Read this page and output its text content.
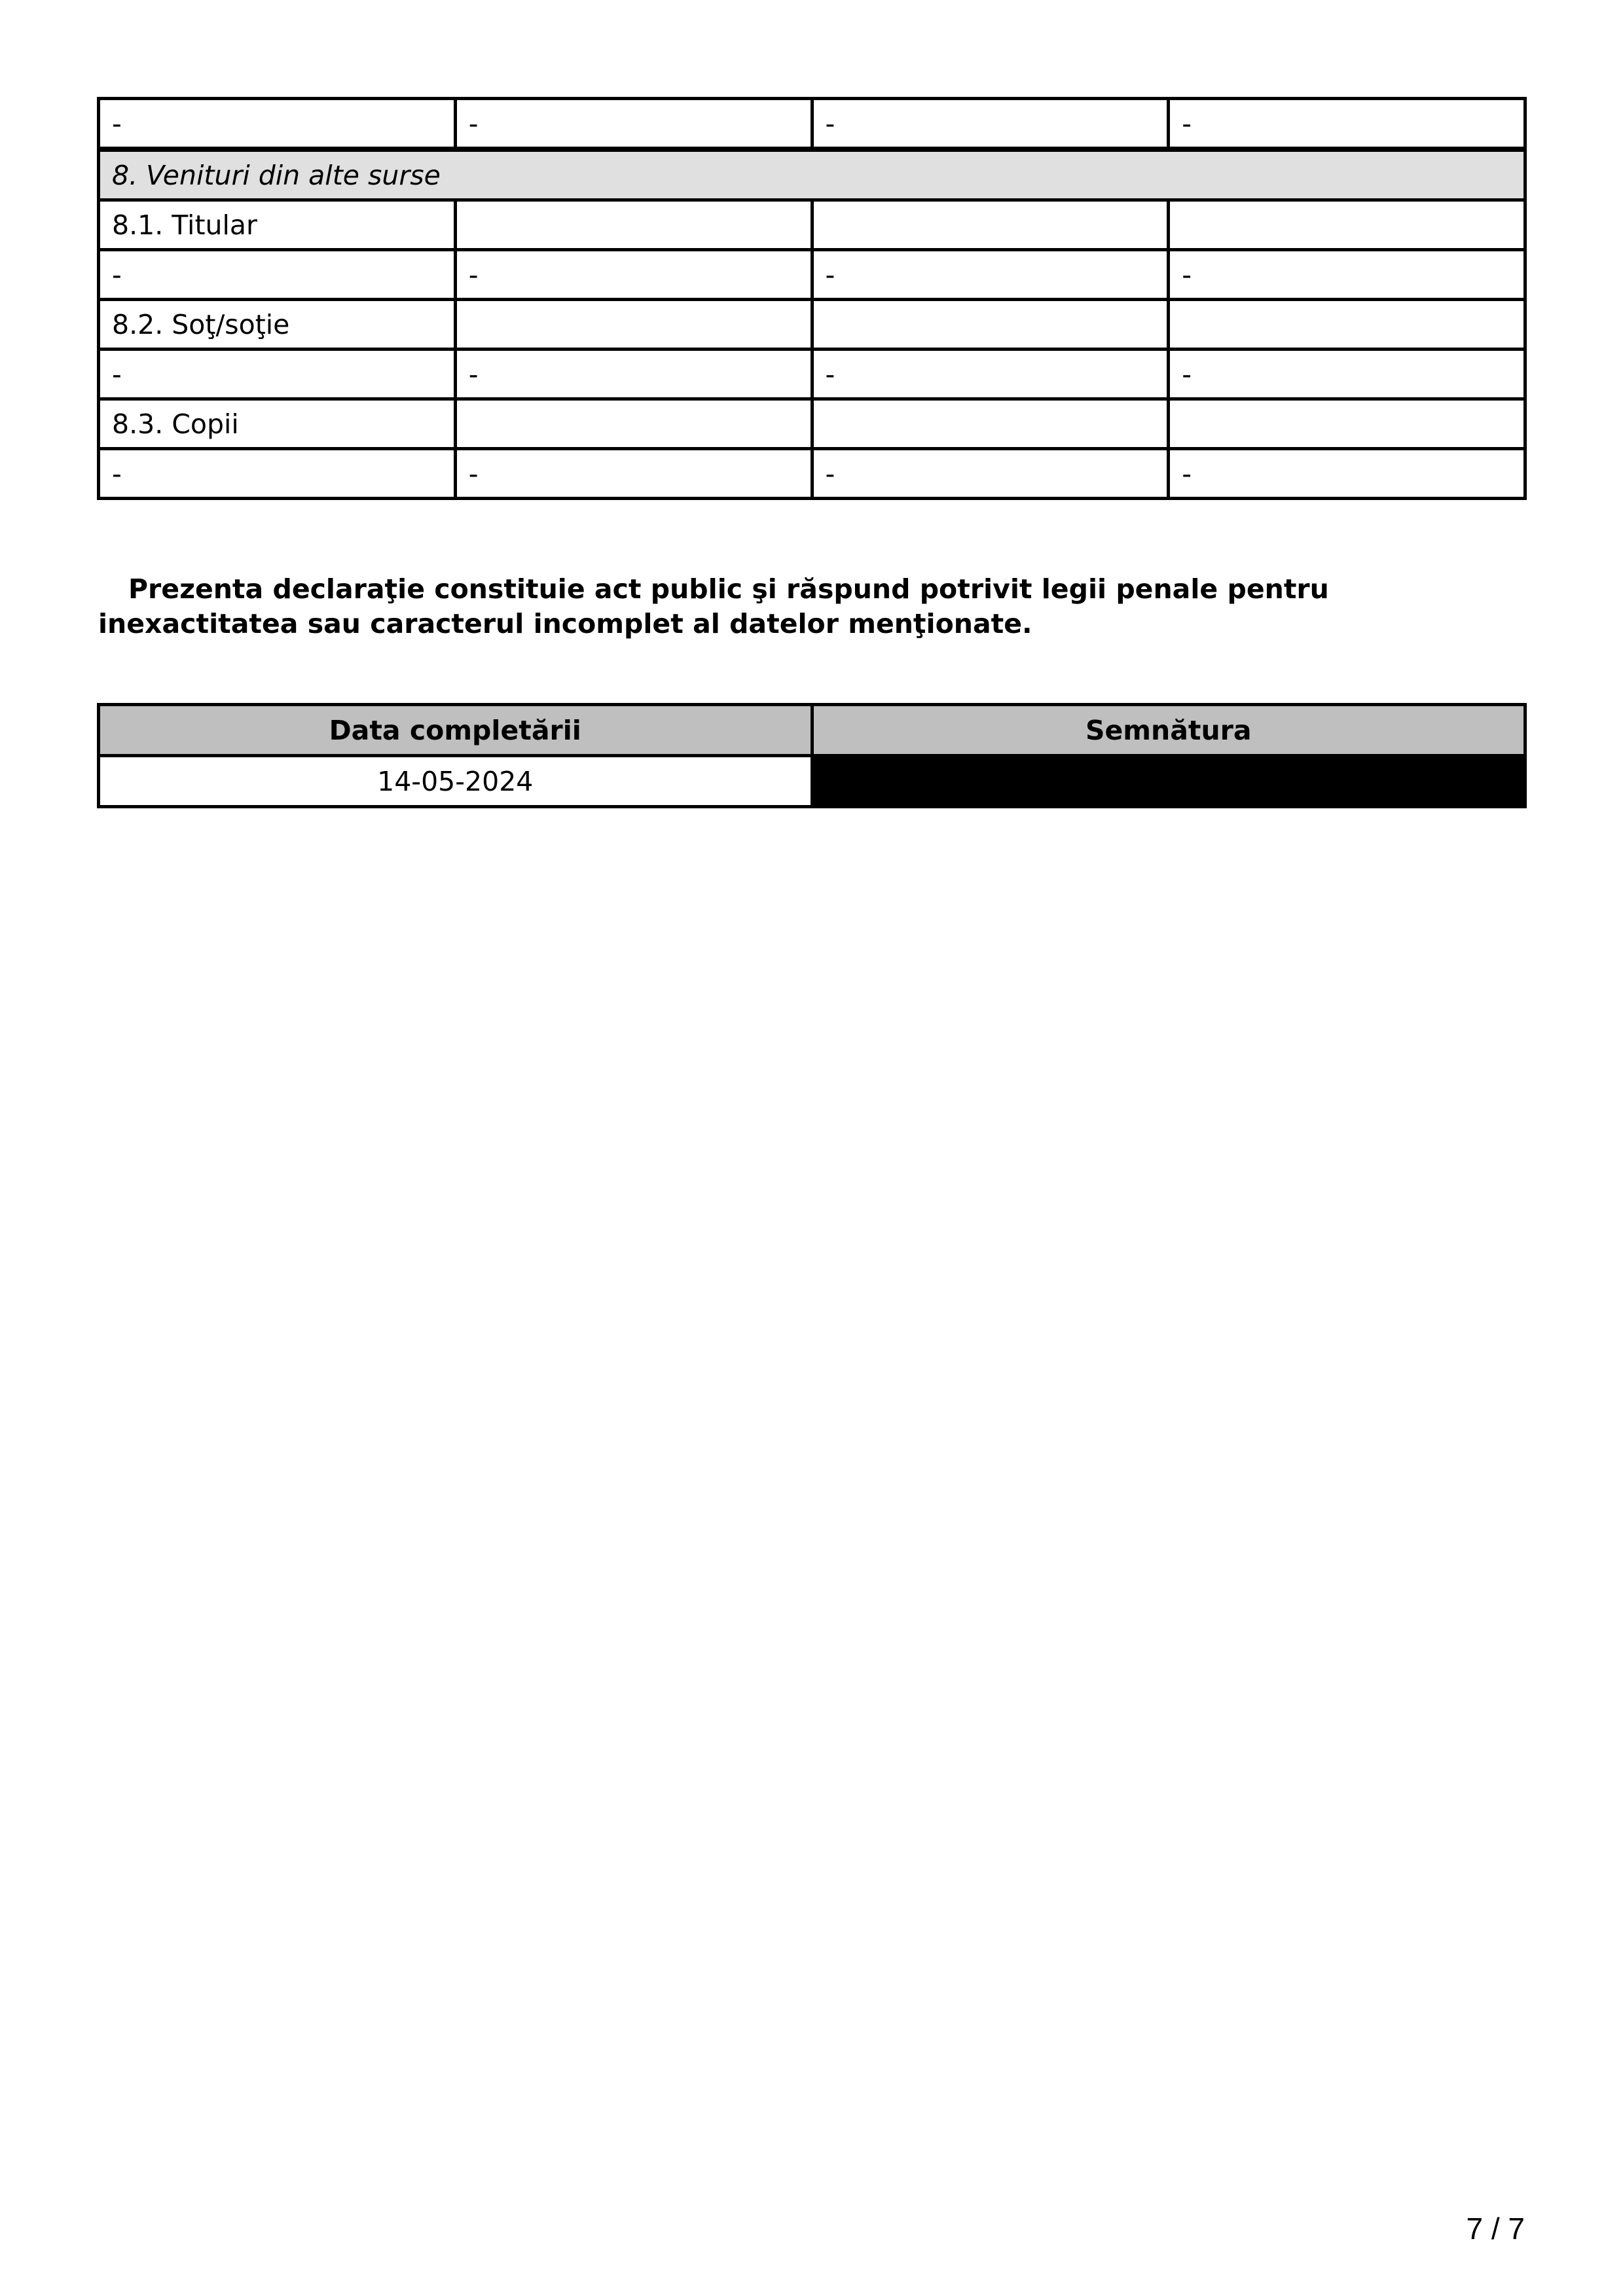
-	-	-	-
8. Venituri din alte surse			
8.1. Titular			
-	-	-	-
8.2. Soţ/soţie			
-	-	-	-
8.3. Copii			
-	-	-	-

Prezenta declaraţie constituie act public şi răspund potrivit legii penale pentru inexactitatea sau caracterul incomplet al datelor menţionate.

Data completării	Semnătura
14-05-2024	
7 / 7
